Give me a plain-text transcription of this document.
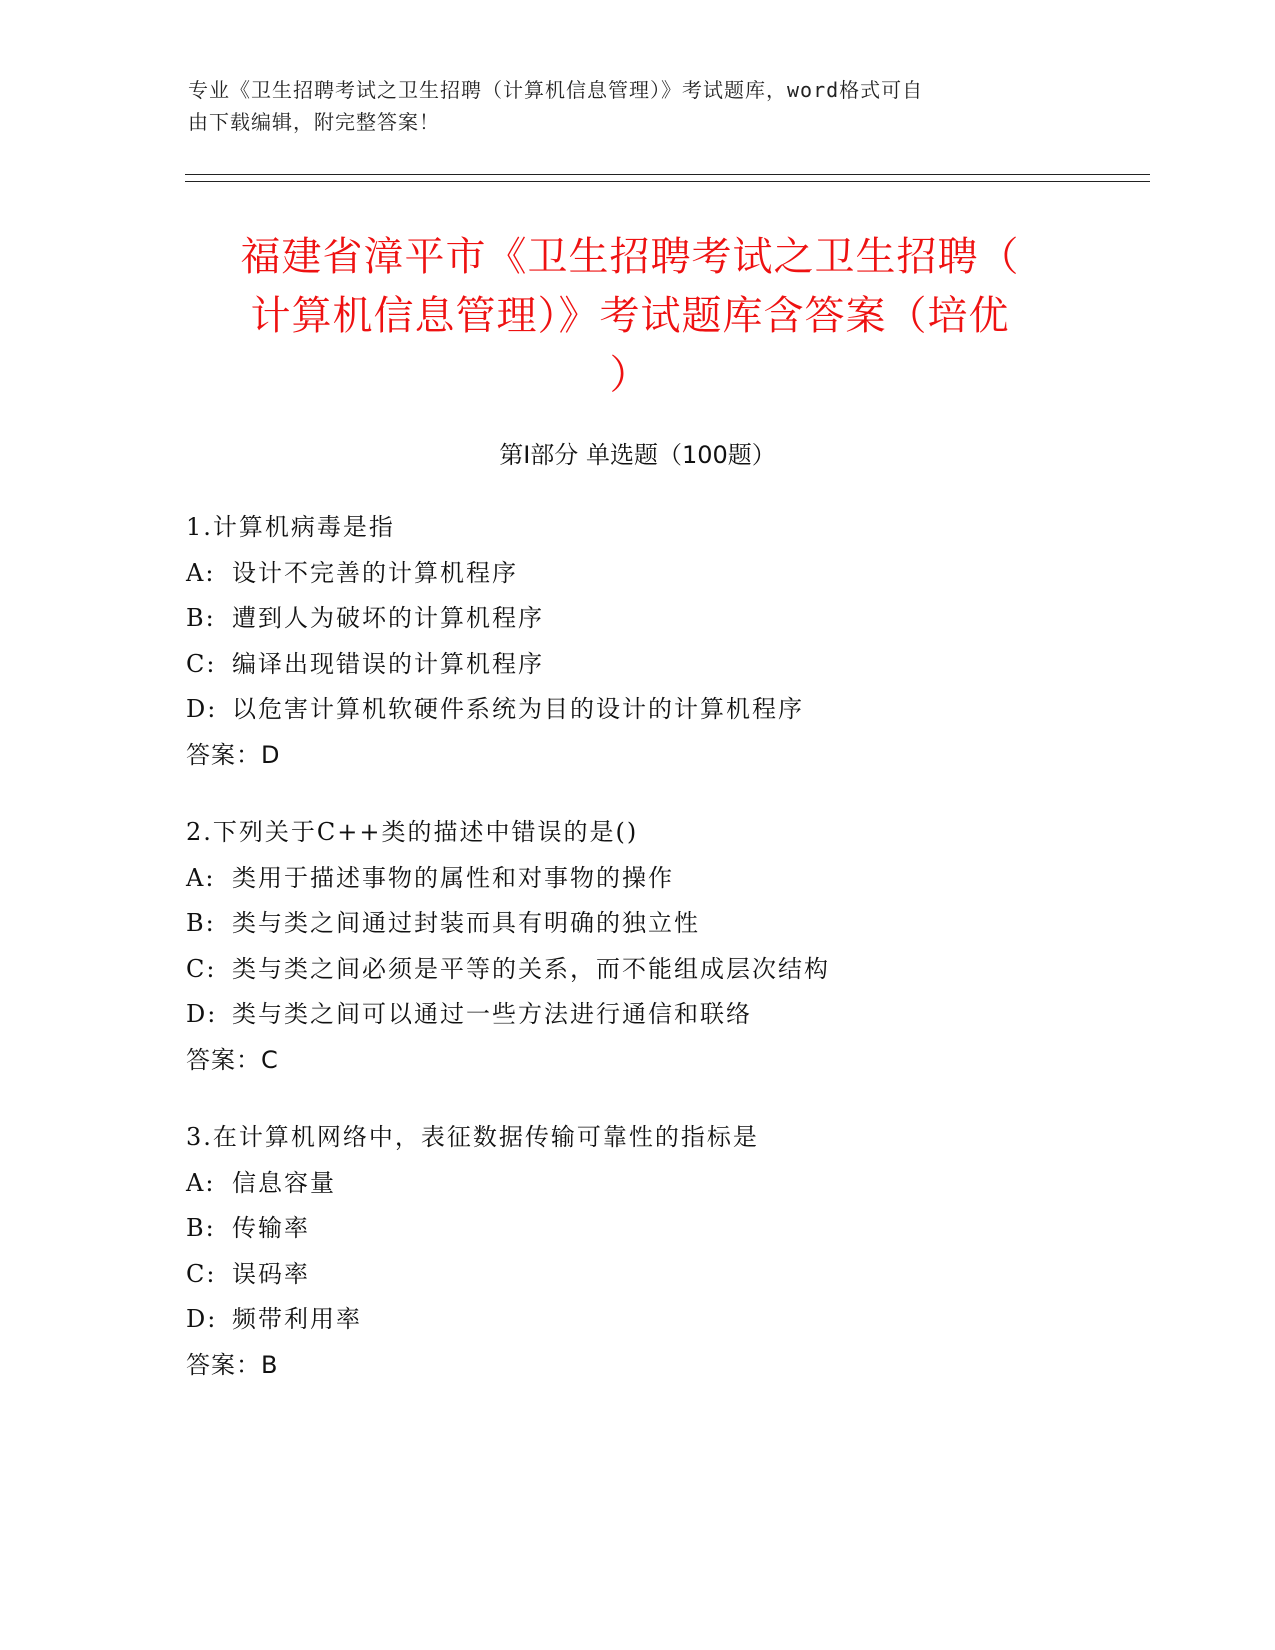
专业《卫生招聘考试之卫生招聘（计算机信息管理）》考试题库，word格式可自
由下载编辑，附完整答案！
福建省漳平市《卫生招聘考试之卫生招聘（
计算机信息管理）》考试题库含答案（培优
）
第Ⅰ部分 单选题（100题）
1.计算机病毒是指
A: 设计不完善的计算机程序
B: 遭到人为破坏的计算机程序
C: 编译出现错误的计算机程序
D: 以危害计算机软硬件系统为目的设计的计算机程序
答案：D
2.下列关于C++类的描述中错误的是()
A: 类用于描述事物的属性和对事物的操作
B: 类与类之间通过封装而具有明确的独立性
C: 类与类之间必须是平等的关系，而不能组成层次结构
D: 类与类之间可以通过一些方法进行通信和联络
答案：C
3.在计算机网络中，表征数据传输可靠性的指标是
A: 信息容量
B: 传输率
C: 误码率
D: 频带利用率
答案：B
